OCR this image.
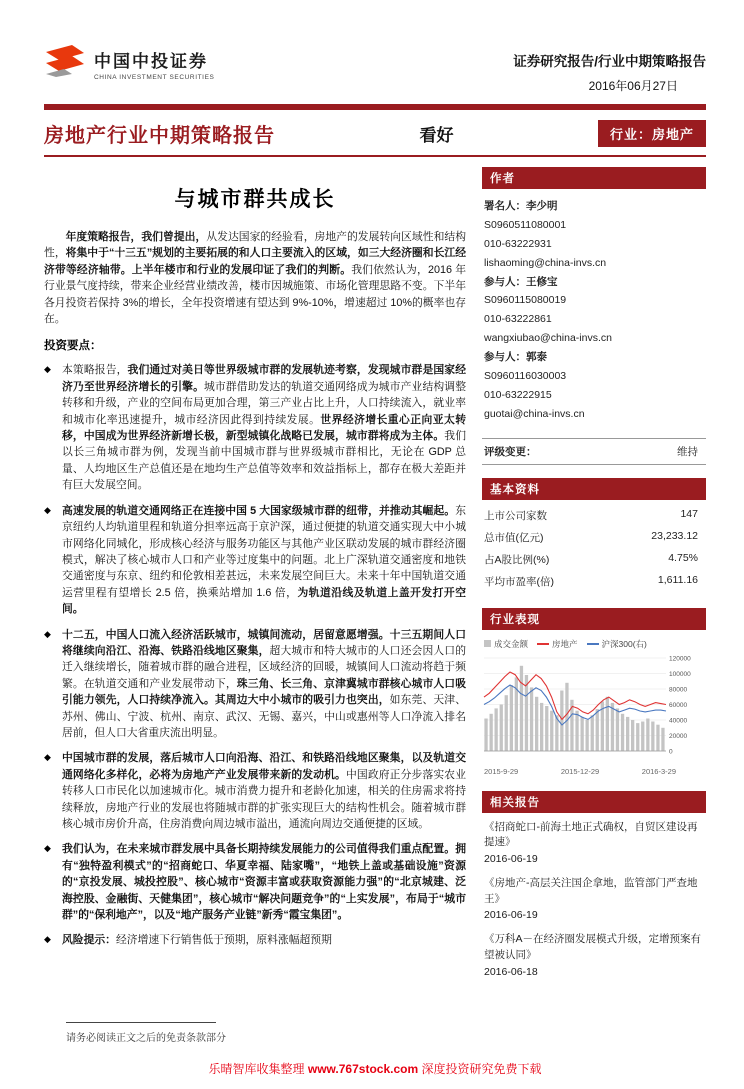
中国中投证券
CHINA INVESTMENT SECURITIES
证券研究报告/行业中期策略报告
2016年06月27日
房地产行业中期策略报告	看好	行业：房地产
与城市群共成长
年度策略报告，我们曾提出，从发达国家的经验看，房地产的发展转向区域性和结构性，将集中于“十三五”规划的主要拓展的和人口主要流入的区域，如三大经济圈和长江经济带等经济轴带。上半年楼市和行业的发展印证了我们的判断。我们依然认为，2016 年行业景气度持续，带来企业经营业绩改善，楼市因城施策、市场化管理思路不变。下半年各月投资若保持 3%的增长，全年投资增速有望达到 9%-10%，增速超过 10%的概率也存在。
投资要点：
◆	本策略报告，我们通过对美日等世界级城市群的发展轨迹考察，发现城市群是国家经济乃至世界经济增长的引擎。城市群借助发达的轨道交通网络成为城市产业结构调整转移和升级，产业的空间布局更加合理，第三产业占比上升，人口持续流入，就业率和城市化率迅速提升，城市经济因此得到持续发展。世界经济增长重心正向亚太转移，中国成为世界经济新增长极，新型城镇化战略已发展，城市群将成为主体。我们以长三角城市群为例，发现当前中国城市群与世界级城市群相比，无论在 GDP 总量、人均地区生产总值还是在地均生产总值等效率和效益指标上，都存在极大差距并有巨大发展空间。
◆	高速发展的轨道交通网络正在连接中国 5 大国家级城市群的纽带，并推动其崛起。东京纽约人均轨道里程和轨道分担率远高于京沪深，通过便捷的轨道交通实现大中小城市网络化同城化，形成核心经济与服务功能区与其他产业区联动发展的城市群经济圈模式，解决了核心城市人口和产业等过度集中的问题。北上广深轨道交通密度和地铁交通密度与东京、纽约和伦敦相差甚远，未来发展空间巨大。未来十年中国轨道交通运营里程有望增长 2.5 倍，换乘站增加 1.6 倍，为轨道沿线及轨道上盖开发打开空间。
◆	十二五，中国人口流入经济活跃城市，城镇间流动，居留意愿增强。十三五期间人口将继续向沿江、沿海、铁路沿线地区聚集，超大城市和特大城市的人口还会因人口的迁入继续增长，随着城市群的融合进程，区域经济的回暖，城镇间人口流动将趋于频繁。在轨道交通和产业发展带动下，珠三角、长三角、京津冀城市群核心城市人口吸引能力领先，人口持续净流入。其周边大中小城市的吸引力也突出，如东莞、天津、苏州、佛山、宁波、杭州、南京、武汉、无锡、嘉兴，中山或惠州等人口净流入排名居前，但人口大省重庆流出明显。
◆	中国城市群的发展，落后城市人口向沿海、沿江、和铁路沿线地区聚集，以及轨道交通网络化多样化，必将为房地产产业发展带来新的发动机。中国政府正分步落实农业转移人口市民化以加速城市化。城市消费力提升和老龄化加速，相关的住房需求将持续释放，房地产行业的发展也将随城市群的扩张实现巨大的结构性机会。随着城市群核心城市房价升高，住房消费向周边城市溢出，通流向周边交通便捷的区域。
◆	我们认为，在未来城市群发展中具备长期持续发展能力的公司值得我们重点配置。拥有“独特盈利模式”的“招商蛇口、华夏幸福、陆家嘴”，“地铁上盖或基础设施”资源的“京投发展、城投控股”、核心城市“资源丰富或获取资源能力强”的“北京城建、泛海控股、金融街、天健集团”，核心城市“解决问题竞争”的“上实发展”，布局于“城市群”的“保利地产”，以及“地产服务产业链”新秀“霞宝集团”。
◆	风险提示：经济增速下行销售低于预期，原料涨幅超预期
作者
署名人：李少明
S0960511080001
010-63222931
lishaoming@china-invs.cn
参与人：王修宝
S0960115080019
010-63222861
wangxiubao@china-invs.cn
参与人：郭泰
S0960116030003
010-63222915
guotai@china-invs.cn
评级变更：	维持
基本资料
上市公司家数	147
总市值(亿元)	23,233.12
占A股比例(%)	4.75%
平均市盈率(倍)	1,611.16
行业表现
成交金额	房地产	沪深300(右)
120000
100000
80000
60000
40000
20000
0
2015-9-29	2015-12-29	2016-3-29
相关报告
《招商蛇口-前海土地正式确权，自贸区建设再提速》
2016-06-19
《房地产-高层关注国企拿地，监管部门严查地王》
2016-06-19
《万科A－在经济圈发展模式升级，定增预案有望被认同》
2016-06-18
请务必阅读正文之后的免责条款部分
乐晴智库收集整理 www.767stock.com 深度投资研究免费下载
